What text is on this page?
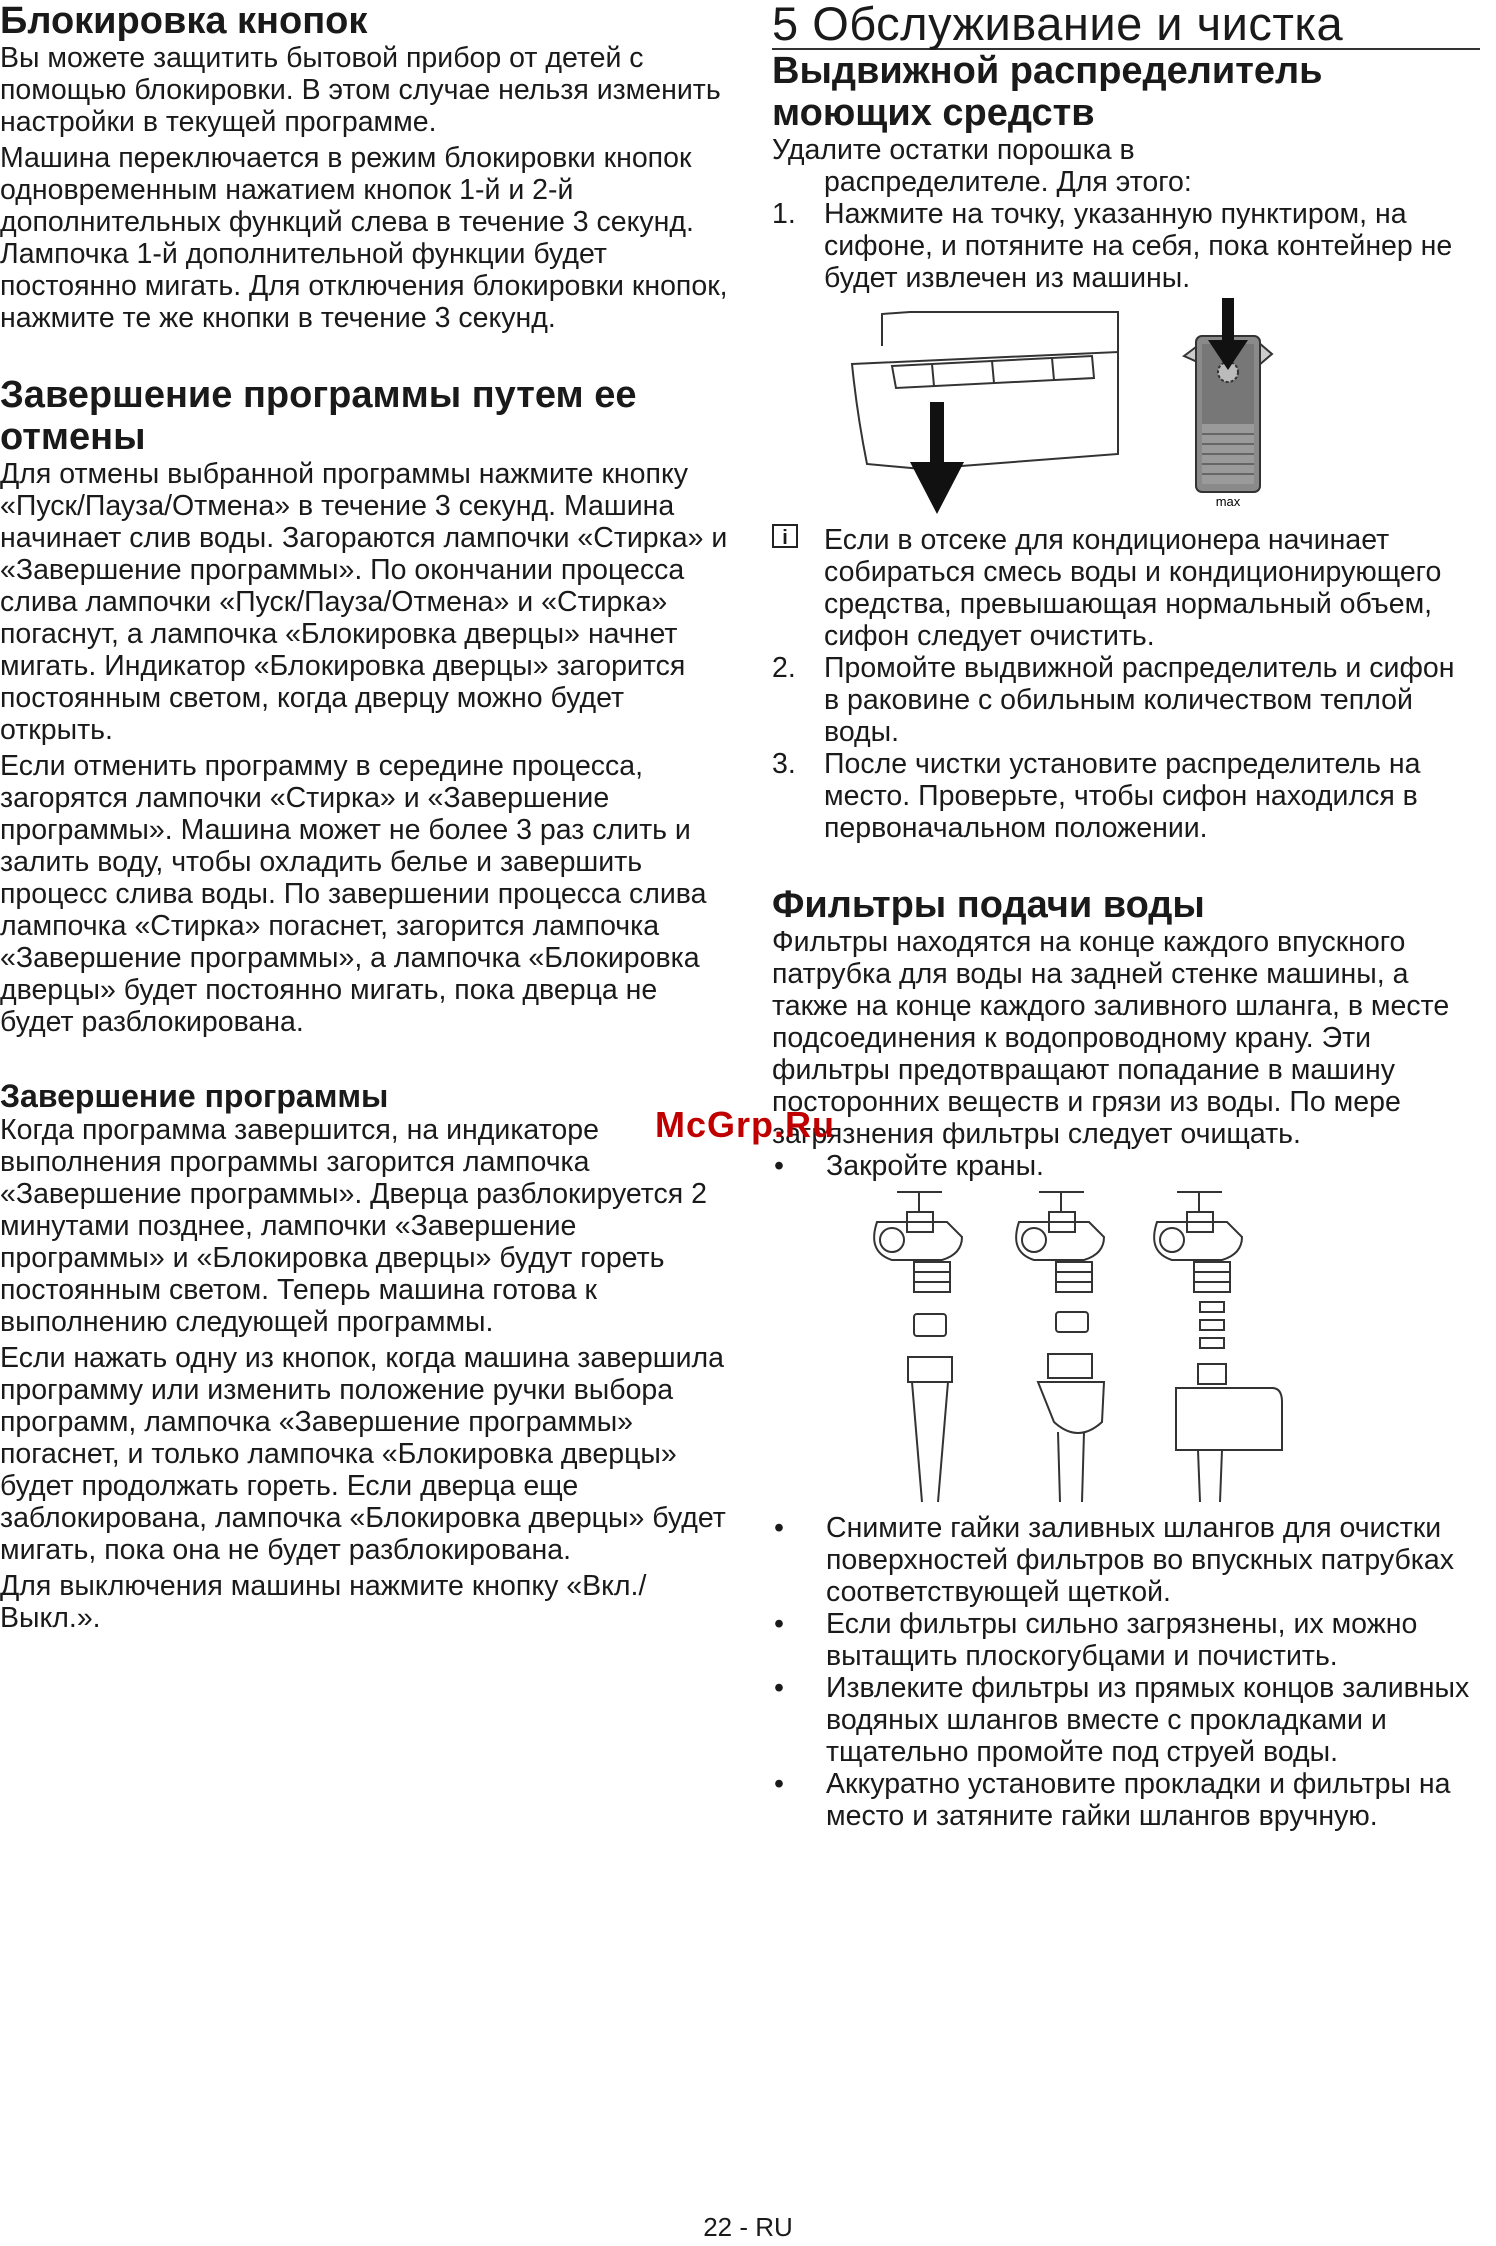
Блокировка кнопок

Вы можете защитить бытовой прибор от детей с помощью блокировки. В этом случае нельзя изменить настройки в текущей программе.

Машина переключается в режим блокировки кнопок одновременным нажатием кнопок 1-й и 2-й дополнительных функций слева в течение 3 секунд. Лампочка 1-й дополнительной функции будет постоянно мигать. Для отключения блокировки кнопок, нажмите те же кнопки в течение 3 секунд.

Завершение программы путем ее отмены

Для отмены выбранной программы нажмите кнопку «Пуск/Пауза/Отмена» в течение 3 секунд. Машина начинает слив воды. Загораются лампочки «Стирка» и «Завершение программы». По окончании процесса слива лампочки «Пуск/Пауза/Отмена» и «Стирка» погаснут, а лампочка «Блокировка дверцы» начнет мигать. Индикатор «Блокировка дверцы» загорится постоянным светом, когда дверцу можно будет открыть.

Если отменить программу в середине процесса, загорятся лампочки «Стирка» и «Завершение программы». Машина может не более 3 раз слить и залить воду, чтобы охладить белье и завершить процесс слива воды. По завершении процесса слива лампочка «Стирка» погаснет, загорится лампочка «Завершение программы», а лампочка «Блокировка дверцы» будет постоянно мигать, пока дверца не будет разблокирована.

Завершение программы

Когда программа завершится, на индикаторе выполнения программы загорится лампочка «Завершение программы». Дверца разблокируется 2 минутами позднее, лампочки «Завершение программы» и «Блокировка дверцы» будут гореть постоянным светом. Теперь машина готова к выполнению следующей программы.

Если нажать одну из кнопок, когда машина завершила программу или изменить положение ручки выбора программ, лампочка «Завершение программы» погаснет, и только лампочка «Блокировка дверцы» будет продолжать гореть. Если дверца еще заблокирована, лампочка «Блокировка дверцы» будет мигать, пока она не будет разблокирована.

Для выключения машины нажмите кнопку «Вкл./Выкл.».

5 Обслуживание и чистка
Выдвижной распределитель моющих средств

Удалите остатки порошка в

распределителе. Для этого:

1. Нажмите на точку, указанную пунктиром, на сифоне, и потяните на себя, пока контейнер не будет извлечен из машины.

max
i	Если в отсеке для кондиционера начинает собираться смесь воды и кондиционирующего средства, превышающая нормальный объем, сифон следует очистить.

2. Промойте выдвижной распределитель и сифон в раковине с обильным количеством теплой воды.

3. После чистки установите распределитель на место. Проверьте, чтобы сифон находился в первоначальном положении.

Фильтры подачи воды

Фильтры находятся на конце каждого впускного патрубка для воды на задней стенке машины, а также на конце каждого заливного шланга, в месте подсоединения к водопроводному крану. Эти фильтры предотвращают попадание в машину посторонних веществ и грязи из воды. По мере загрязнения фильтры следует очищать.

•	Закройте краны.

•	Снимите гайки заливных шлангов для очистки поверхностей фильтров во впускных патрубках соответствующей щеткой.

•	Если фильтры сильно загрязнены, их можно вытащить плоскогубцами и почистить.

•	Извлеките фильтры из прямых концов заливных водяных шлангов вместе с прокладками и тщательно промойте под струей воды.

•	Аккуратно установите прокладки и фильтры на место и затяните гайки шлангов вручную.

McGrp.Ru
22 - RU
